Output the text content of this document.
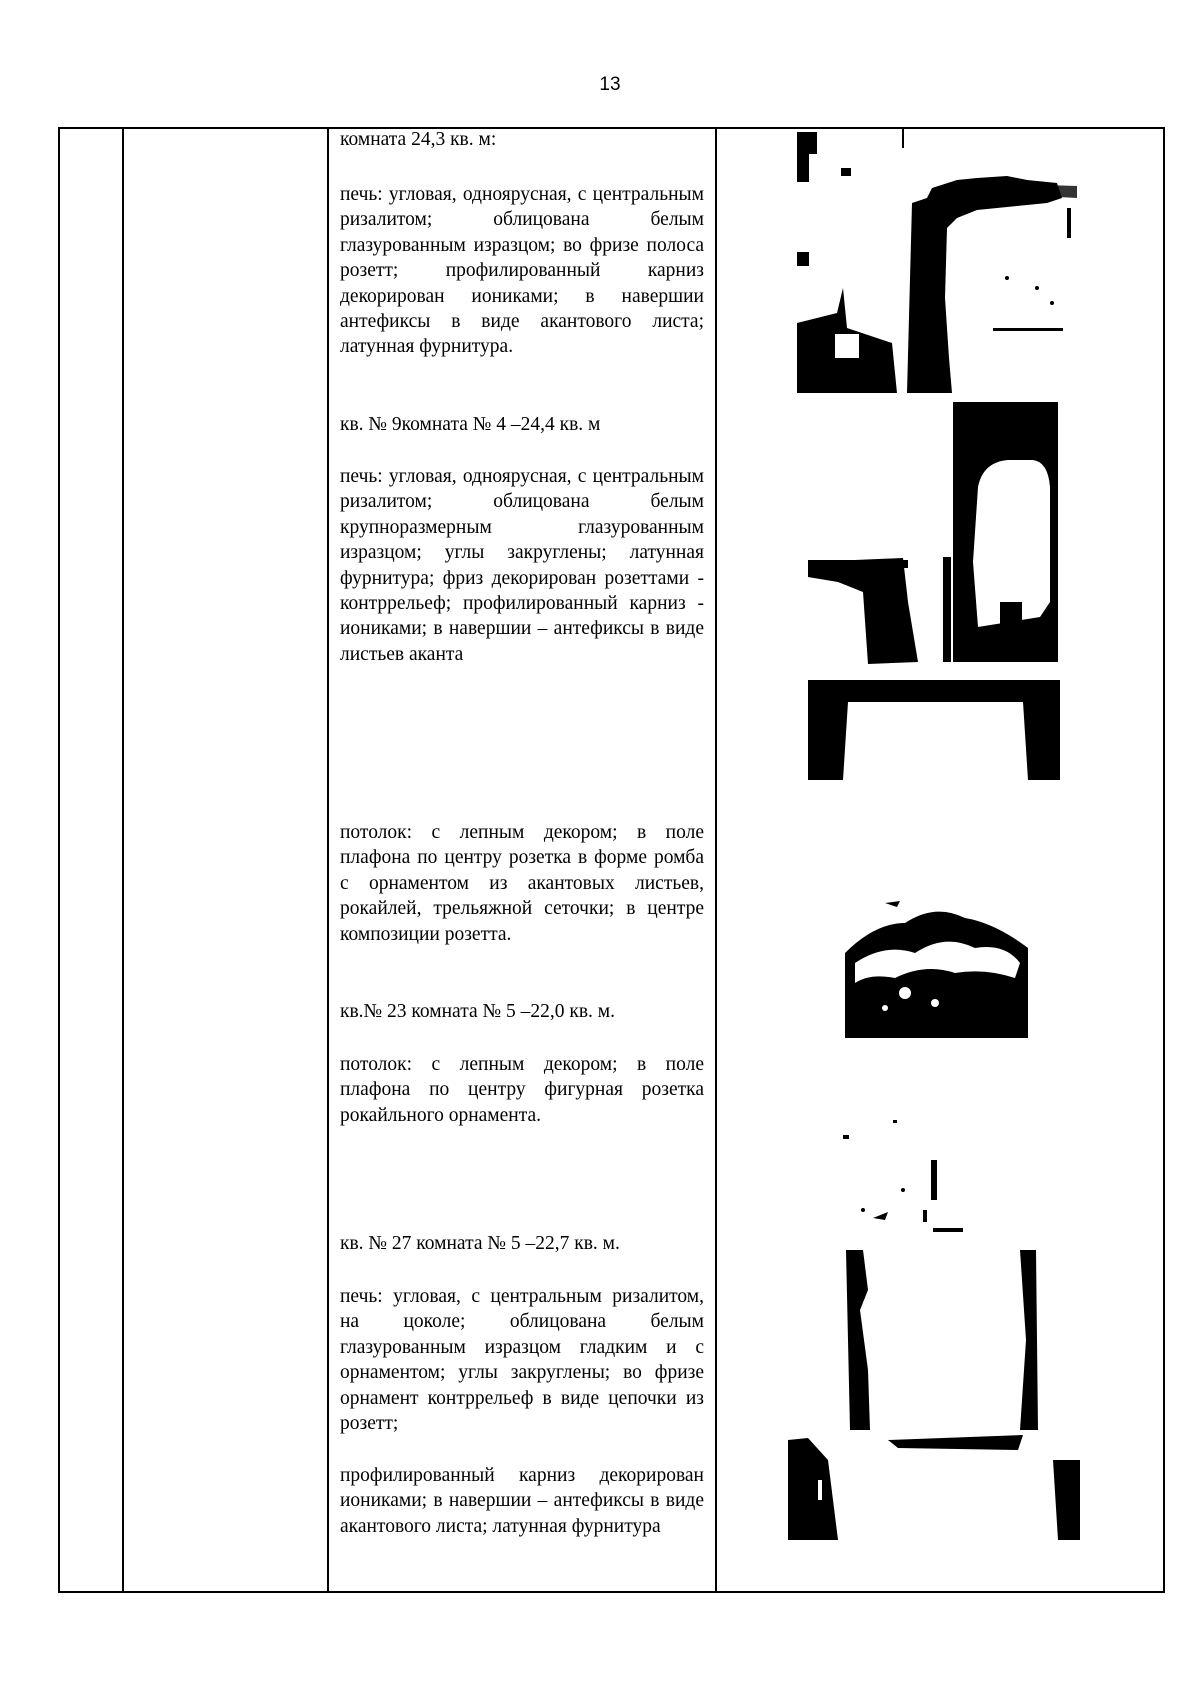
13

комната 24,3 кв. м:

печь: угловая, одноярусная, с центральным ризалитом; облицована белым глазурованным изразцом; во фризе полоса розетт; профилированный карниз декорирован иониками; в навершии антефиксы в виде акантового листа; латунная фурнитура.

кв. № 9комната № 4 –24,4 кв. м

печь: угловая, одноярусная, с центральным ризалитом; облицована белым крупноразмерным глазурованным изразцом; углы закруглены; латунная фурнитура; фриз декорирован розеттами - контррельеф; профилированный карниз - иониками; в навершии – антефиксы в виде листьев аканта

потолок: с лепным декором; в поле плафона по центру розетка в форме ромба с орнаментом из акантовых листьев, рокайлей, трельяжной сеточки; в центре композиции розетта.

кв.№ 23 комната № 5 –22,0 кв. м.

потолок: с лепным декором; в поле плафона по центру фигурная розетка рокайльного орнамента.

кв. № 27 комната № 5 –22,7 кв. м.

печь: угловая, с центральным ризалитом, на цоколе; облицована белым глазурованным изразцом гладким и с орнаментом; углы закруглены; во фризе орнамент контррельеф в виде цепочки из розетт;

профилированный карниз декорирован иониками; в навершии – антефиксы в виде акантового листа; латунная фурнитура
